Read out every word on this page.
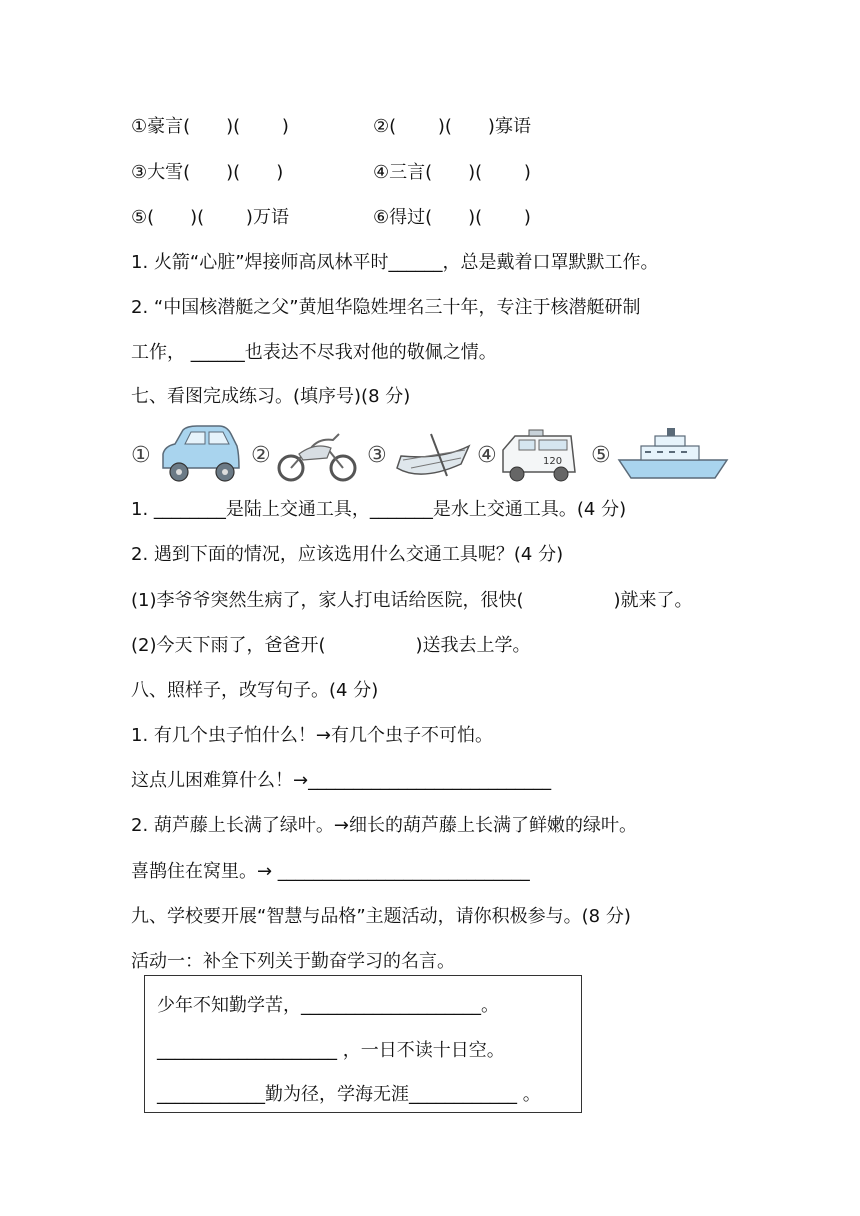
①豪言(　　)(　　 )	②(　　 )(　　)寡语
③大雪(　　)(　　)	④三言(　　)(　　 )
⑤(　　)(　　 )万语	⑥得过(　　)(　　 )
1. 火箭“心脏”焊接师高凤林平时______，总是戴着口罩默默工作。
2. “中国核潜艇之父”黄旭华隐姓埋名三十年，专注于核潜艇研制
工作， ______也表达不尽我对他的敬佩之情。
七、看图完成练习。(填序号)(8 分)
①	②	③	④	120 ⑤
1. ________是陆上交通工具，_______是水上交通工具。(4 分)
2. 遇到下面的情况，应该选用什么交通工具呢？(4 分)
(1)李爷爷突然生病了，家人打电话给医院，很快(　　　　　)就来了。
(2)今天下雨了，爸爸开(　　　　　)送我去上学。
八、照样子，改写句子。(4 分)
1. 有几个虫子怕什么！→有几个虫子不可怕。
这点儿困难算什么！→___________________________
2. 葫芦藤上长满了绿叶。→细长的葫芦藤上长满了鲜嫩的绿叶。
喜鹊住在窝里。→ ____________________________
九、学校要开展“智慧与品格”主题活动，请你积极参与。(8 分)
活动一：补全下列关于勤奋学习的名言。
少年不知勤学苦，____________________。
____________________ ，一日不读十日空。
____________勤为径，学海无涯____________ 。
